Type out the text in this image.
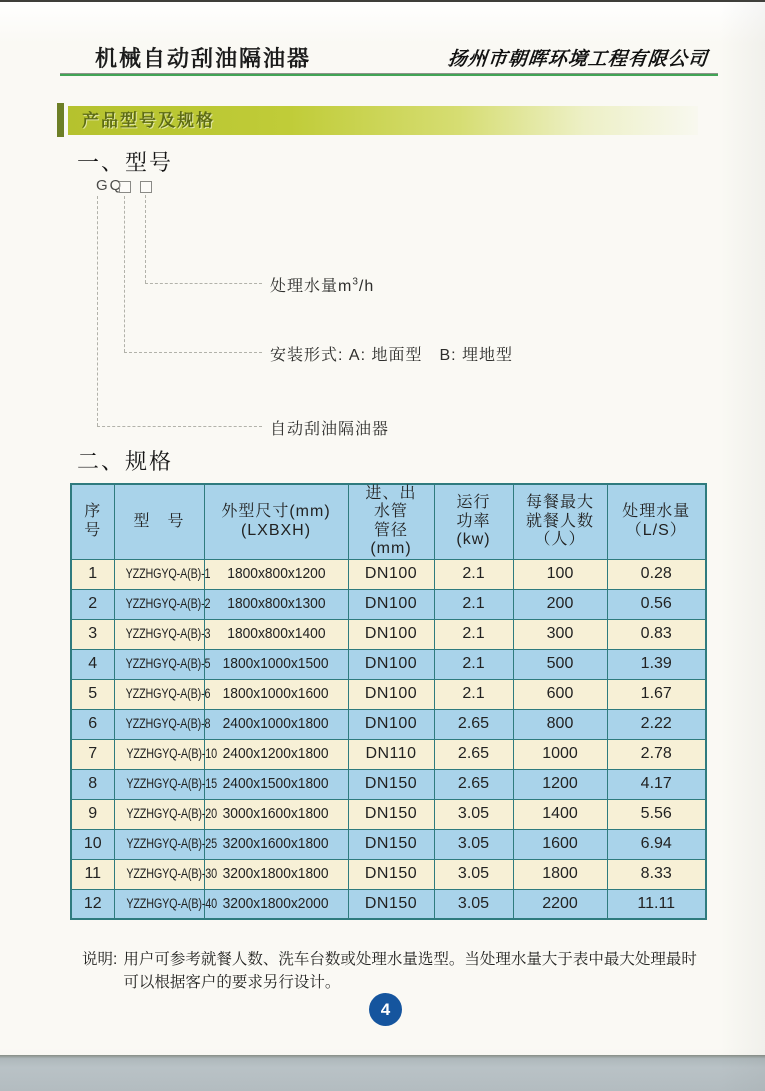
机械自动刮油隔油器	扬州市朝晖环境工程有限公司
产品型号及规格
一、型号
GQ
处理水量$m^3/h$
安装形式: A: 地面型　B: 埋地型
自动刮油隔油器
二、规格
序
号	型　号	外型尺寸(mm)
(LXBXH)	进、出
水管
管径
(mm)	运行
功率
(kw)	每餐最大
就餐人数
（人）	处理水量
（L/S）
1	YZZHGYQ-A(B)-1	1800x800x1200	DN100	2.1	100	0.28
2	YZZHGYQ-A(B)-2	1800x800x1300	DN100	2.1	200	0.56
3	YZZHGYQ-A(B)-3	1800x800x1400	DN100	2.1	300	0.83
4	YZZHGYQ-A(B)-5	1800x1000x1500	DN100	2.1	500	1.39
5	YZZHGYQ-A(B)-6	1800x1000x1600	DN100	2.1	600	1.67
6	YZZHGYQ-A(B)-8	2400x1000x1800	DN100	2.65	800	2.22
7	YZZHGYQ-A(B)-10	2400x1200x1800	DN110	2.65	1000	2.78
8	YZZHGYQ-A(B)-15	2400x1500x1800	DN150	2.65	1200	4.17
9	YZZHGYQ-A(B)-20	3000x1600x1800	DN150	3.05	1400	5.56
10	YZZHGYQ-A(B)-25	3200x1600x1800	DN150	3.05	1600	6.94
11	YZZHGYQ-A(B)-30	3200x1800x1800	DN150	3.05	1800	8.33
12	YZZHGYQ-A(B)-40	3200x1800x2000	DN150	3.05	2200	11.11
说明: 用户可参考就餐人数、洗车台数或处理水量选型。当处理水量大于表中最大处理最时可以根据客户的要求另行设计。
4
